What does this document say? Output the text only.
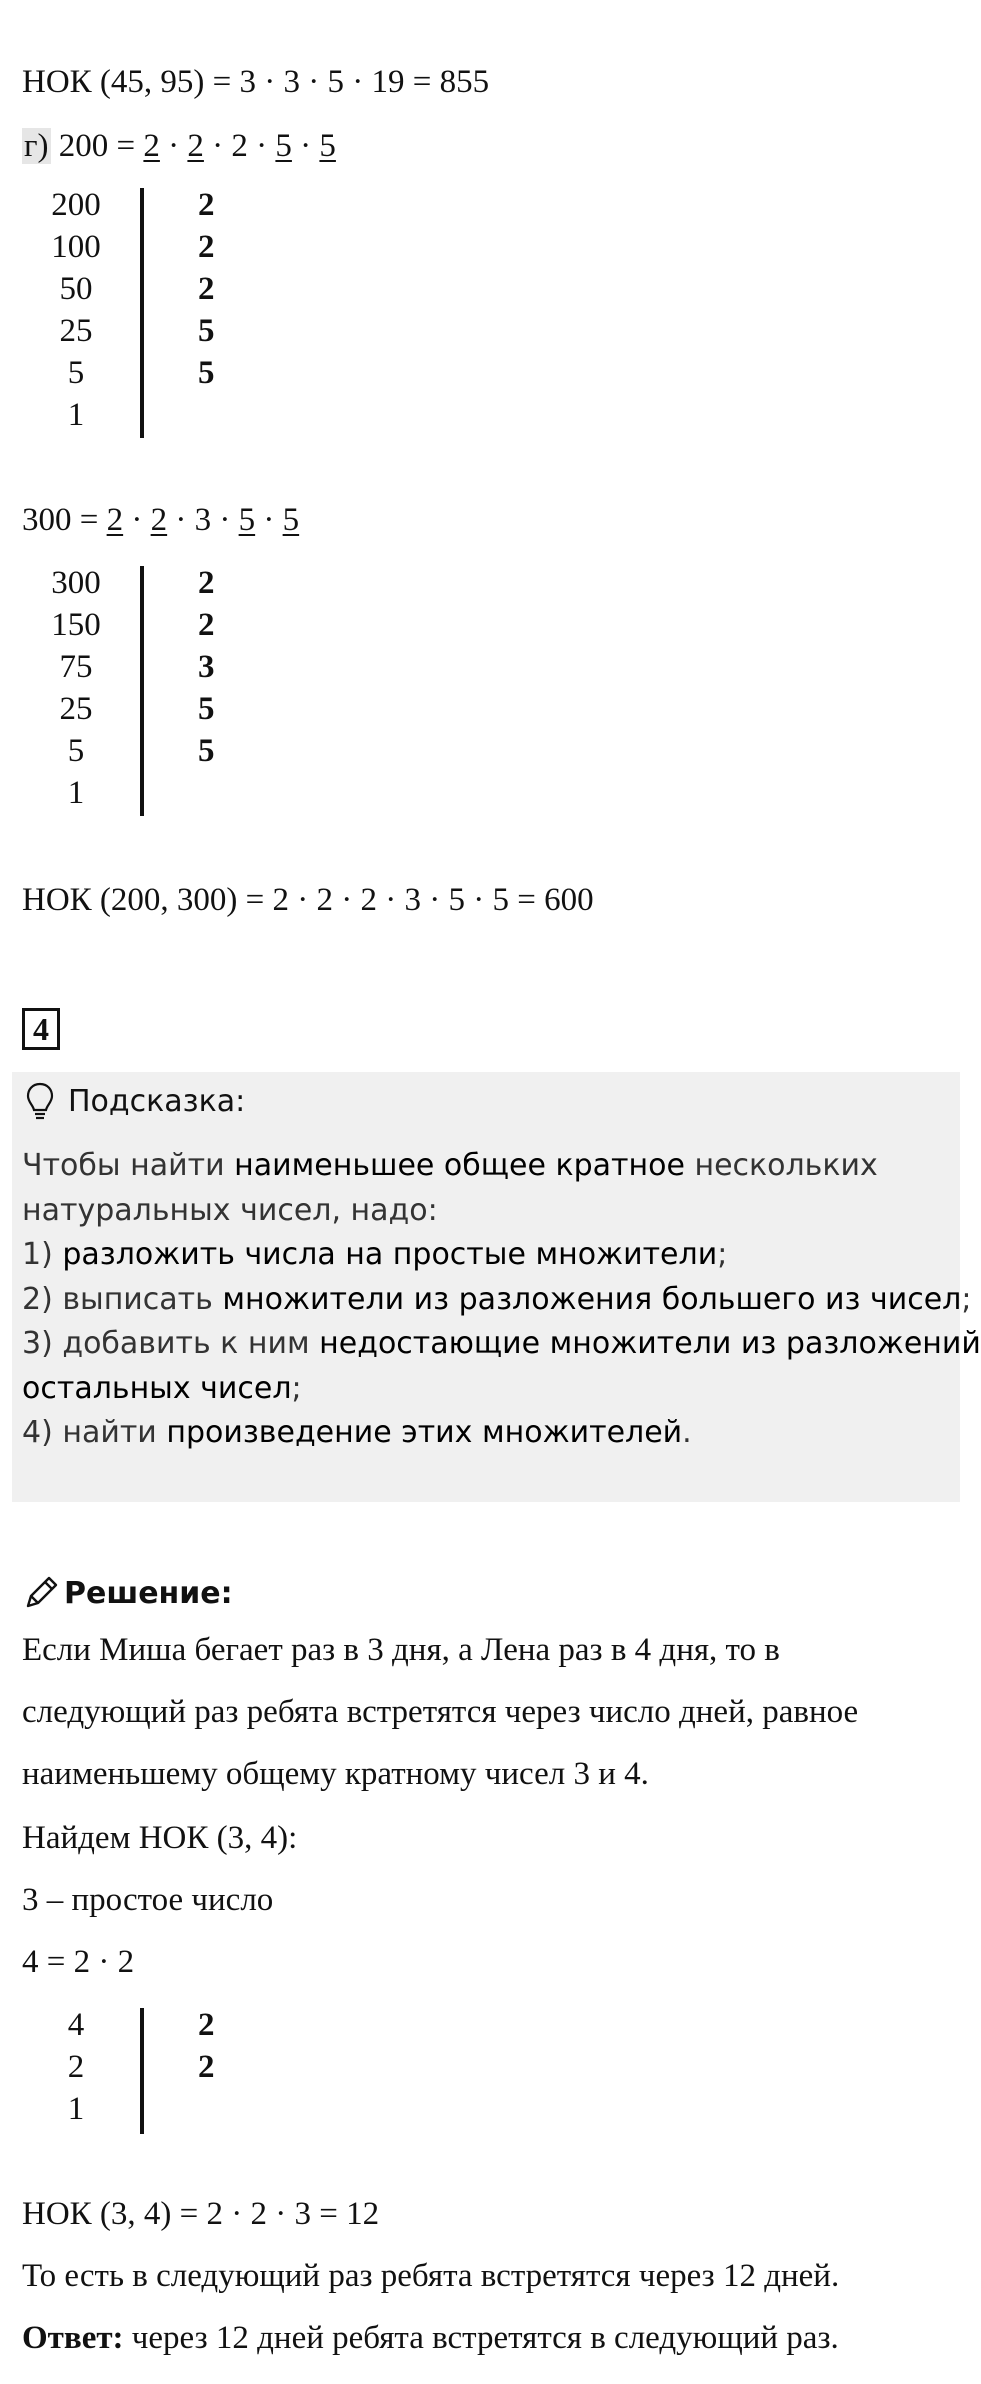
НОК (45, 95) = 3 · 3 · 5 · 19 = 855
г) 200 = 2 · 2 · 2 · 5 · 5
200	2
100	2
50	2
25	5
5	5
1
300 = 2 · 2 · 3 · 5 · 5
300	2
150	2
75	3
25	5
5	5
1
НОК (200, 300) = 2 · 2 · 2 · 3 · 5 · 5 = 600
4
Подсказка:
Чтобы найти наименьшее общее кратное нескольких
натуральных чисел, надо:
1) разложить числа на простые множители;
2) выписать множители из разложения большего из чисел;
3) добавить к ним недостающие множители из разложений
остальных чисел;
4) найти произведение этих множителей.
Решение:
Если Миша бегает раз в 3 дня, а Лена раз в 4 дня, то в
следующий раз ребята встретятся через число дней, равное
наименьшему общему кратному чисел 3 и 4.
Найдем НОК (3, 4):
3 – простое число
4 = 2 · 2
4	2
2	2
1
НОК (3, 4) = 2 · 2 · 3 = 12
То есть в следующий раз ребята встретятся через 12 дней.
Ответ: через 12 дней ребята встретятся в следующий раз.
